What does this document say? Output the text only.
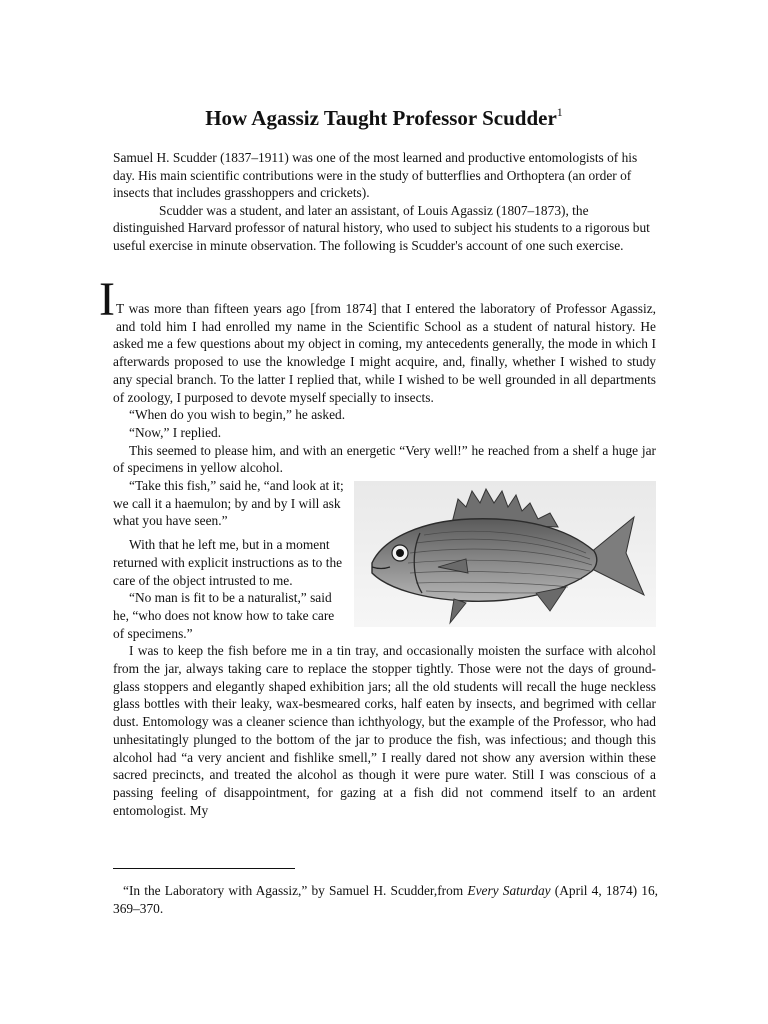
How Agassiz Taught Professor Scudder$^1$

Samuel H. Scudder (1837–1911) was one of the most learned and productive entomologists of his day. His main scientific contributions were in the study of butterflies and Orthoptera (an order of insects that includes grasshoppers and crickets).

Scudder was a student, and later an assistant, of Louis Agassiz (1807–1873), the distinguished Harvard professor of natural history, who used to subject his students to a rigorous but useful exercise in minute observation. The following is Scudder's account of one such exercise.

I T was more than fifteen years ago [from 1874] that I entered the laboratory of Professor Agassiz, and told him I had enrolled my name in the Scientific School as a student of natural history. He asked me a few questions about my object in coming, my antecedents generally, the mode in which I afterwards proposed to use the knowledge I might acquire, and, finally, whether I wished to study any special branch. To the latter I replied that, while I wished to be well grounded in all departments of zoology, I purposed to devote myself specially to insects.

“When do you wish to begin,” he asked.

“Now,” I replied.

This seemed to please him, and with an energetic “Very well!” he reached from a shelf a huge jar of specimens in yellow alcohol.

“Take this fish,” said he, “and look at it; we call it a haemulon; by and by I will ask what you have seen.”

With that he left me, but in a moment returned with explicit instructions as to the care of the object intrusted to me.

“No man is fit to be a naturalist,” said he, “who does not know how to take care of specimens.”

I was to keep the fish before me in a tin tray, and occasionally moisten the surface with alcohol from the jar, always taking care to replace the stopper tightly. Those were not the days of ground-glass stoppers and elegantly shaped exhibition jars; all the old students will recall the huge neckless glass bottles with their leaky, wax-besmeared corks, half eaten by insects, and begrimed with cellar dust. Entomology was a cleaner science than ichthyology, but the example of the Professor, who had unhesitatingly plunged to the bottom of the jar to produce the fish, was infectious; and though this alcohol had “a very ancient and fishlike smell,” I really dared not show any aversion within these sacred precincts, and treated the alcohol as though it were pure water. Still I was conscious of a passing feeling of disappointment, for gazing at a fish did not commend itself to an ardent entomologist. My

“In the Laboratory with Agassiz,” by Samuel H. Scudder,from Every Saturday (April 4, 1874) 16, 369–370.
